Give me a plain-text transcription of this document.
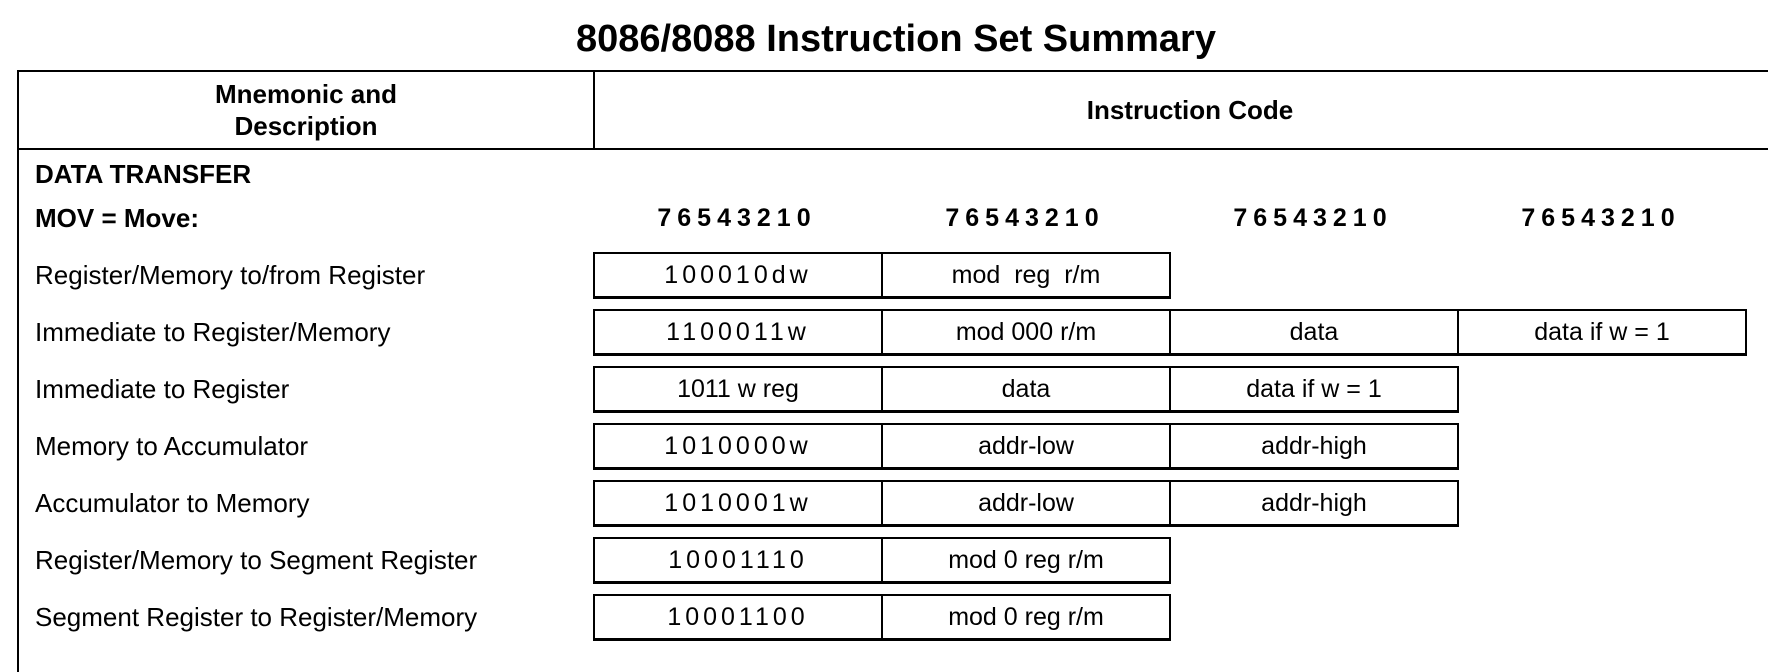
8086/8088 Instruction Set Summary
Mnemonic and
Description
Instruction Code
DATA TRANSFER
MOV = Move:	76543210	76543210	76543210	76543210
Register/Memory to/from Register	100010dw	mod  reg  r/m
Immediate to Register/Memory	1100011w	mod 000 r/m	data	data if w = 1
Immediate to Register	1011 w reg	data	data if w = 1
Memory to Accumulator	1010000w	addr-low	addr-high
Accumulator to Memory	1010001w	addr-low	addr-high
Register/Memory to Segment Register	10001110	mod 0 reg r/m
Segment Register to Register/Memory	10001100	mod 0 reg r/m
